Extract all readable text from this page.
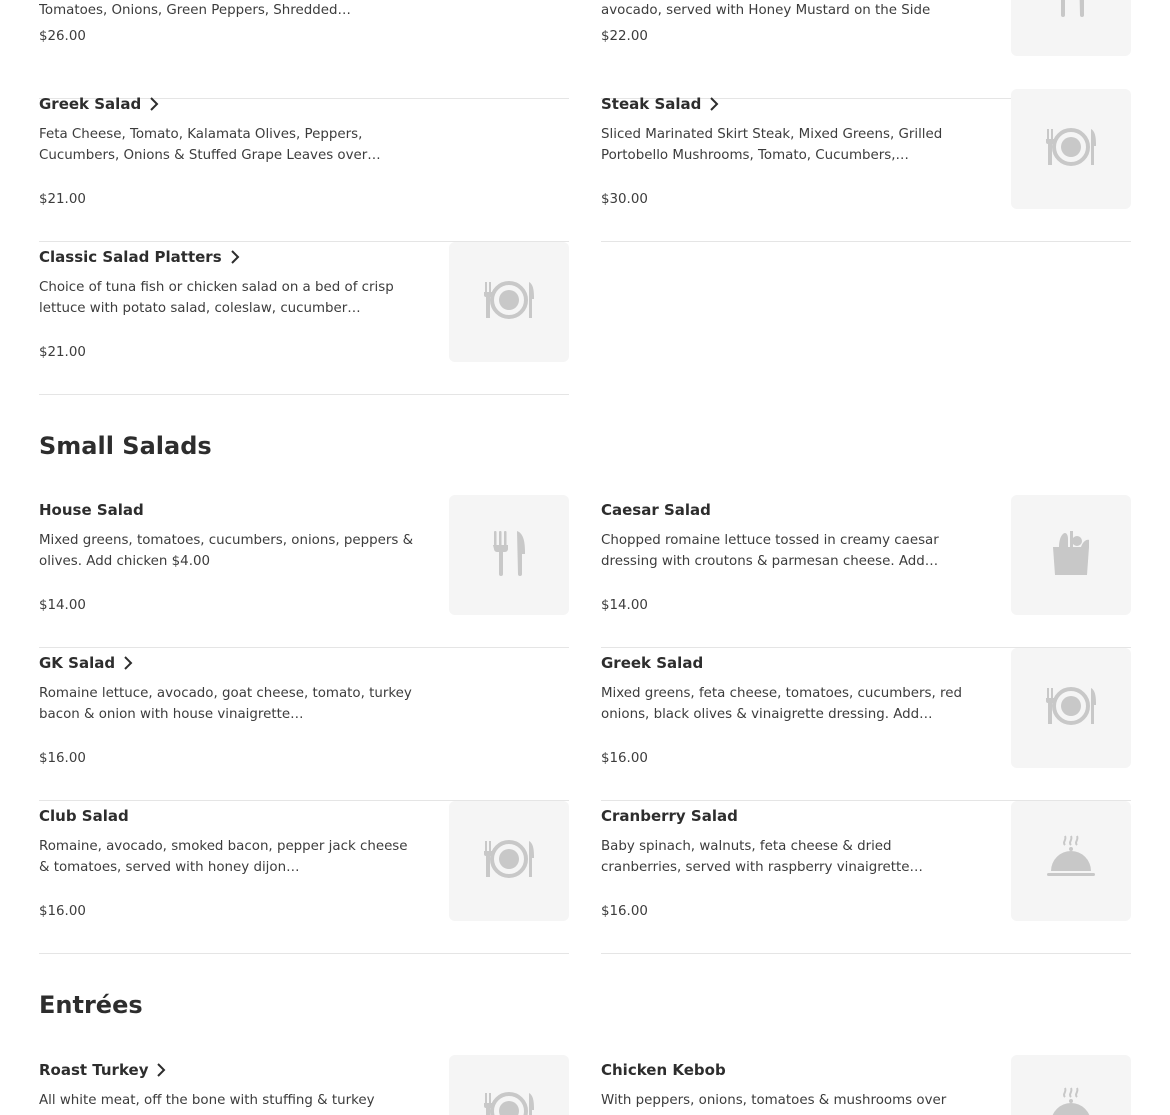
Tomatoes, Onions, Green Peppers, Shredded…

$26.00

avocado, served with Honey Mustard on the Side

$22.00

Greek Salad

Feta Cheese, Tomato, Kalamata Olives, Peppers, Cucumbers, Onions & Stuffed Grape Leaves over…

$21.00

Steak Salad

Sliced Marinated Skirt Steak, Mixed Greens, Grilled Portobello Mushrooms, Tomato, Cucumbers,…

$30.00

Classic Salad Platters

Choice of tuna fish or chicken salad on a bed of crisp lettuce with potato salad, coleslaw, cucumber…

$21.00

Small Salads
House Salad

Mixed greens, tomatoes, cucumbers, onions, peppers & olives. Add chicken $4.00

$14.00

Caesar Salad

Chopped romaine lettuce tossed in creamy caesar dressing with croutons & parmesan cheese. Add…

$14.00

GK Salad

Romaine lettuce, avocado, goat cheese, tomato, turkey bacon & onion with house vinaigrette…

$16.00

Greek Salad

Mixed greens, feta cheese, tomatoes, cucumbers, red onions, black olives & vinaigrette dressing. Add…

$16.00

Club Salad

Romaine, avocado, smoked bacon, pepper jack cheese & tomatoes, served with honey dijon…

$16.00

Cranberry Salad

Baby spinach, walnuts, feta cheese & dried cranberries, served with raspberry vinaigrette…

$16.00

Entrées
Roast Turkey

All white meat, off the bone with stuffing & turkey

Chicken Kebob

With peppers, onions, tomatoes & mushrooms over
